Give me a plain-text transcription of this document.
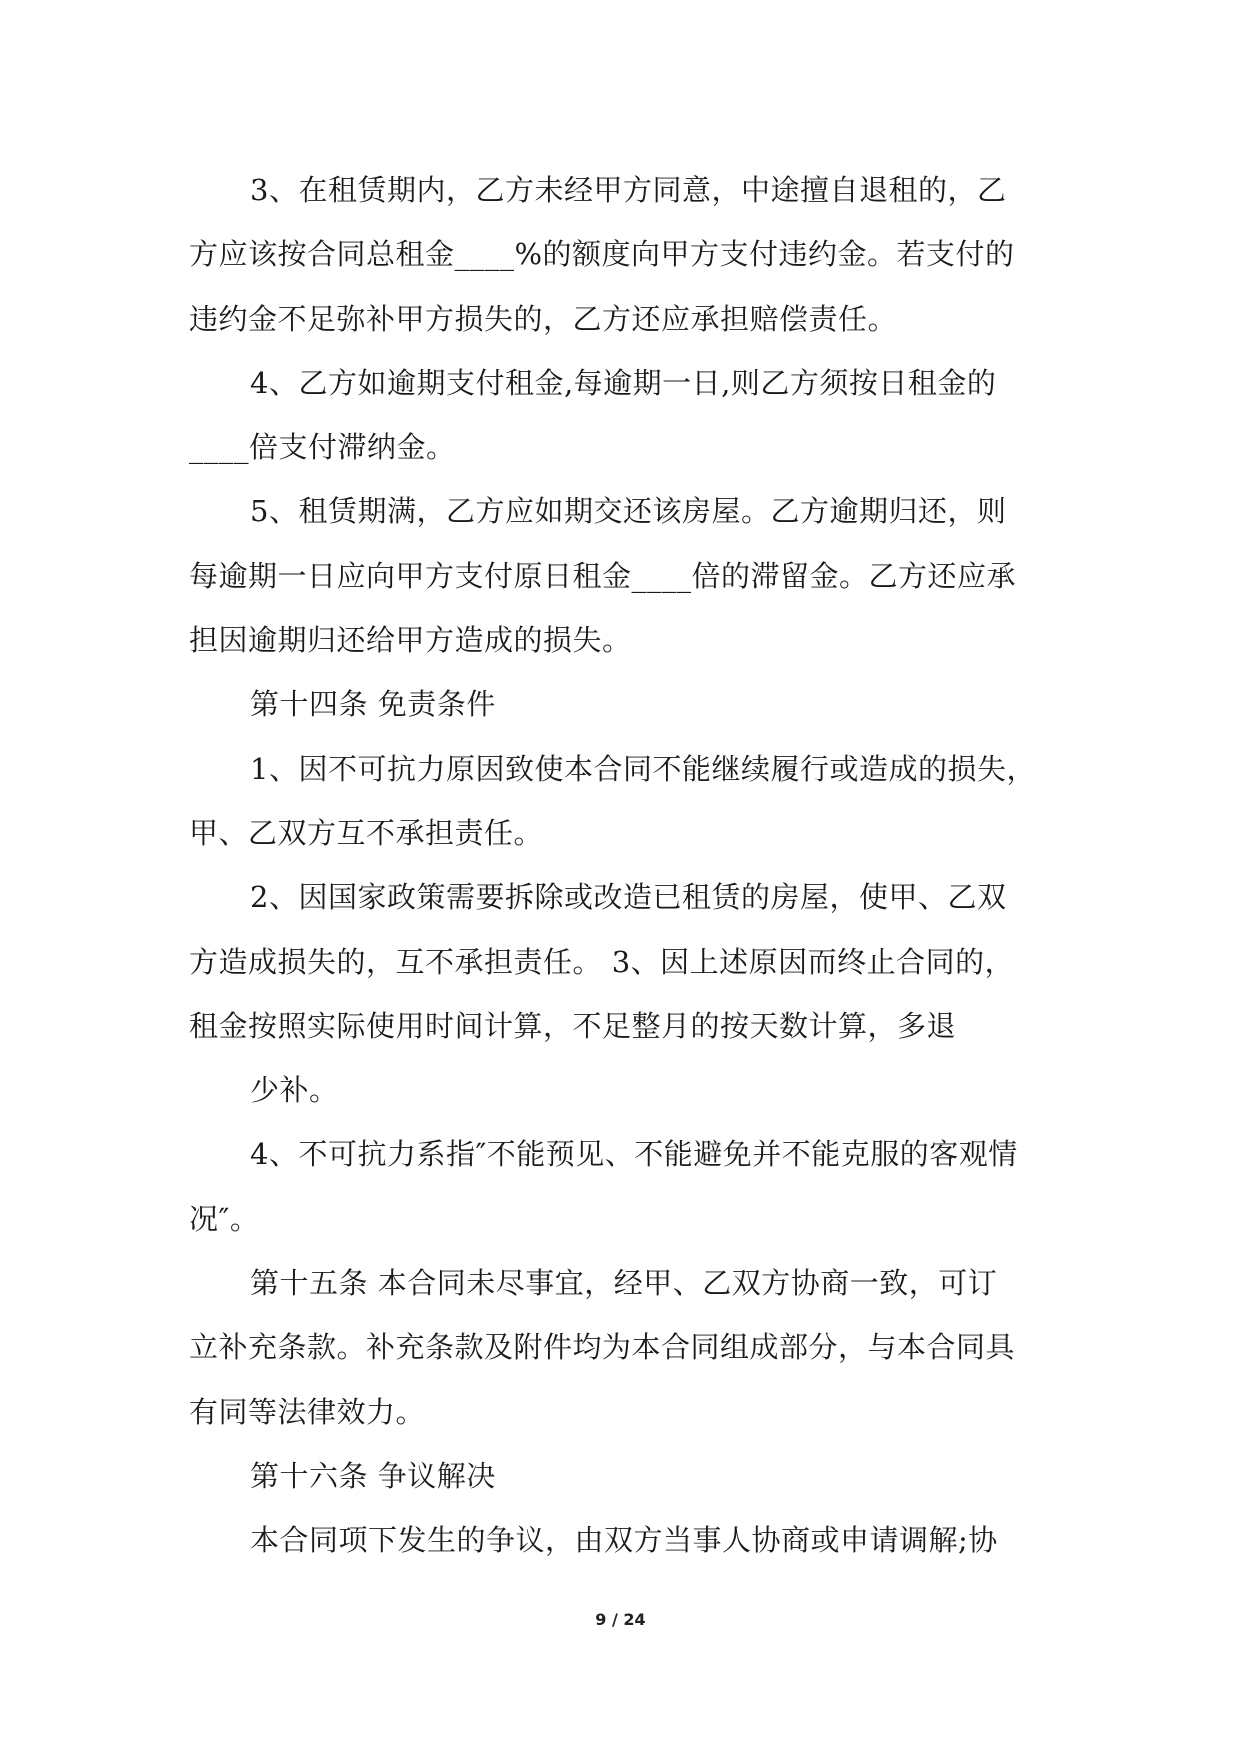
3、在租赁期内，乙方未经甲方同意，中途擅自退租的，乙
方应该按合同总租金____%的额度向甲方支付违约金。若支付的
违约金不足弥补甲方损失的，乙方还应承担赔偿责任。
4、乙方如逾期支付租金,每逾期一日,则乙方须按日租金的
____倍支付滞纳金。
5、租赁期满，乙方应如期交还该房屋。乙方逾期归还，则
每逾期一日应向甲方支付原日租金____倍的滞留金。乙方还应承
担因逾期归还给甲方造成的损失。
第十四条 免责条件
1、因不可抗力原因致使本合同不能继续履行或造成的损失，
甲、乙双方互不承担责任。
2、因国家政策需要拆除或改造已租赁的房屋，使甲、乙双
方造成损失的，互不承担责任。 3、因上述原因而终止合同的，
租金按照实际使用时间计算，不足整月的按天数计算，多退
少补。
4、不可抗力系指″不能预见、不能避免并不能克服的客观情
况″。
第十五条 本合同未尽事宜，经甲、乙双方协商一致，可订
立补充条款。补充条款及附件均为本合同组成部分，与本合同具
有同等法律效力。
第十六条 争议解决
本合同项下发生的争议，由双方当事人协商或申请调解;协
9 / 24
